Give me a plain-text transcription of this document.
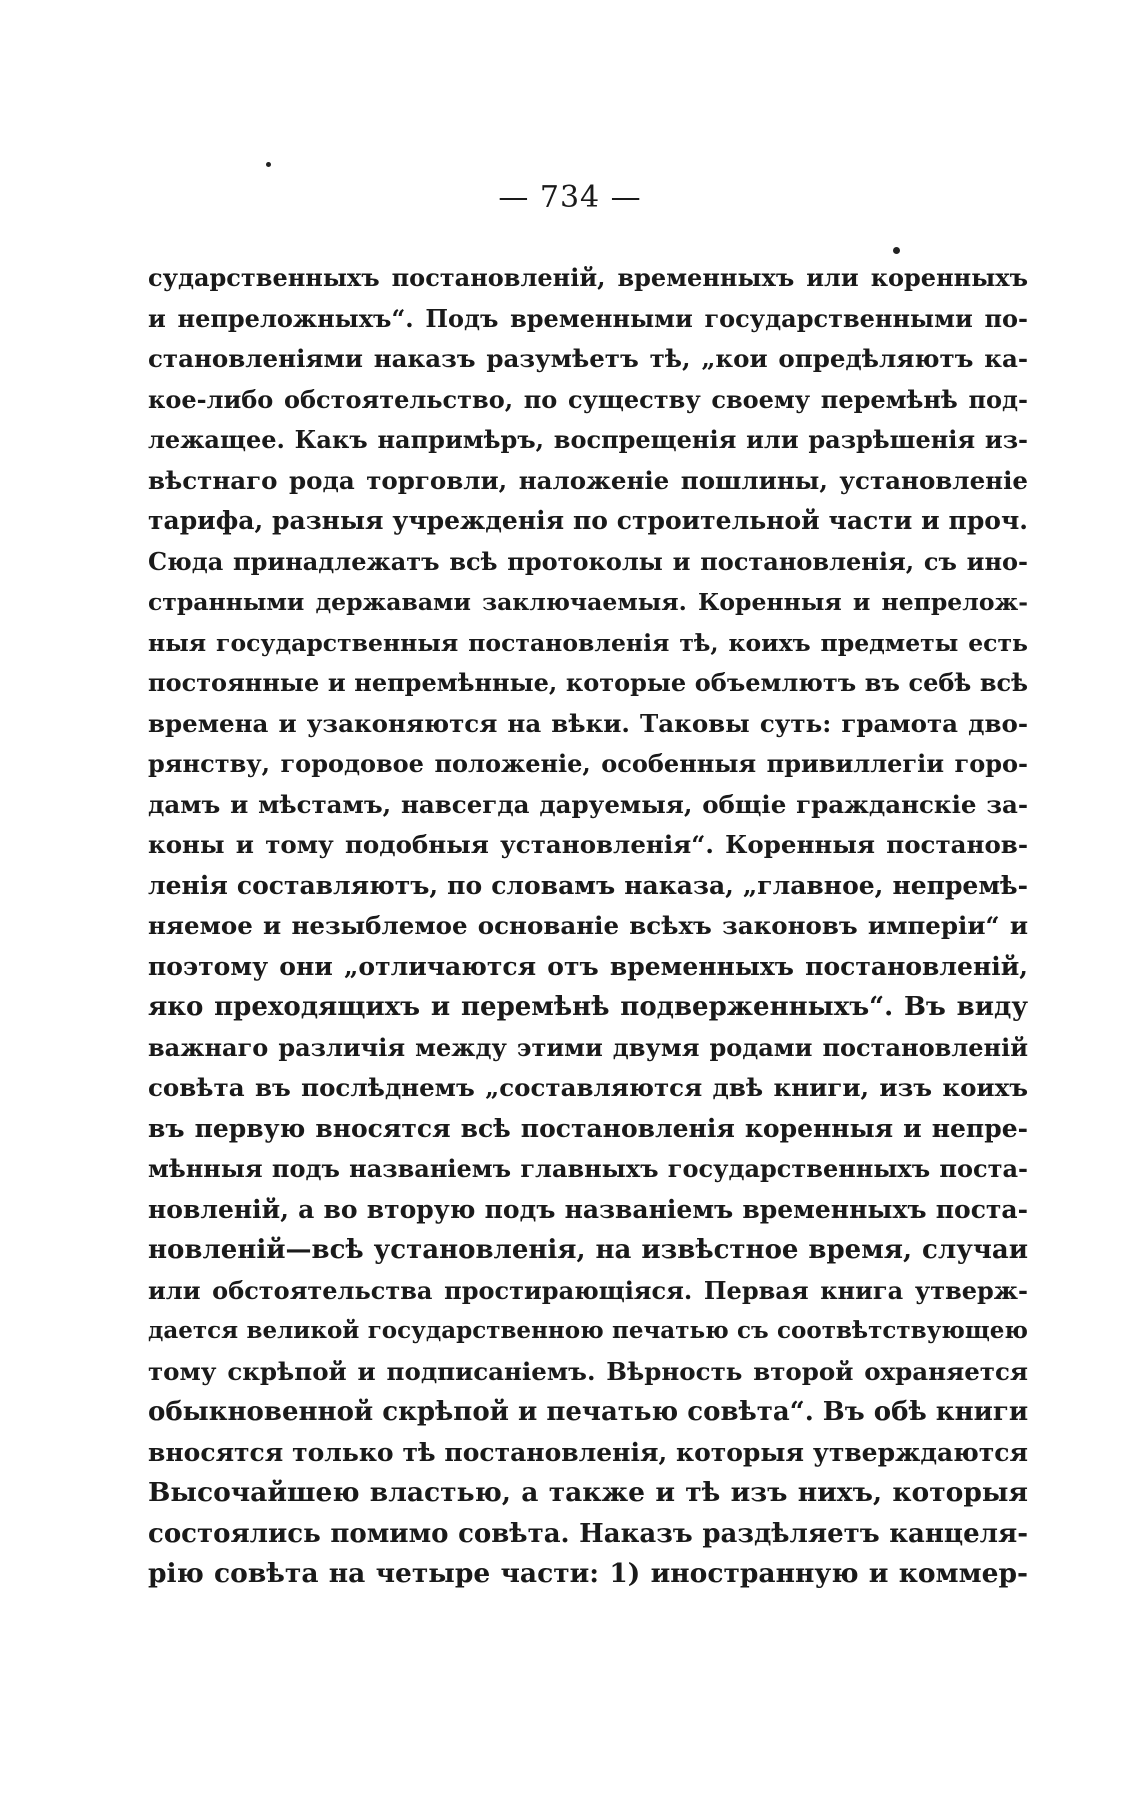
— 734 —
сударственныхъ постановленій, временныхъ или коренныхъ
и непреложныхъ“. Подъ временными государственными по-
становленіями наказъ разумѣетъ тѣ, „кои опредѣляютъ ка-
кое-либо обстоятельство, по существу своему перемѣнѣ под-
лежащее. Какъ напримѣръ, воспрещенія или разрѣшенія из-
вѣстнаго рода торговли, наложеніе пошлины, установленіе
тарифа, разныя учрежденія по строительной части и проч.
Сюда принадлежатъ всѣ протоколы и постановленія, съ ино-
странными державами заключаемыя. Коренныя и непрелож-
ныя государственныя постановленія тѣ, коихъ предметы есть
постоянные и непремѣнные, которые объемлютъ въ себѣ всѣ
времена и узаконяются на вѣки. Таковы суть: грамота дво-
рянству, городовое положеніе, особенныя привиллегіи горо-
дамъ и мѣстамъ, навсегда даруемыя, общіе гражданскіе за-
коны и тому подобныя установленія“. Коренныя постанов-
ленія составляютъ, по словамъ наказа, „главное, непремѣ-
няемое и незыблемое основаніе всѣхъ законовъ имперіи“ и
поэтому они „отличаются отъ временныхъ постановленій,
яко преходящихъ и перемѣнѣ подверженныхъ“. Въ виду
важнаго различія между этими двумя родами постановленій
совѣта въ послѣднемъ „составляются двѣ книги, изъ коихъ
въ первую вносятся всѣ постановленія коренныя и непре-
мѣнныя подъ названіемъ главныхъ государственныхъ поста-
новленій, а во вторую подъ названіемъ временныхъ поста-
новленій—всѣ установленія, на извѣстное время, случаи
или обстоятельства простирающіяся. Первая книга утверж-
дается великой государственною печатью съ соотвѣтствующею
тому скрѣпой и подписаніемъ. Вѣрность второй охраняется
обыкновенной скрѣпой и печатью совѣта“. Въ обѣ книги
вносятся только тѣ постановленія, которыя утверждаются
Высочайшею властью, а также и тѣ изъ нихъ, которыя
состоялись помимо совѣта. Наказъ раздѣляетъ канцеля-
рію совѣта на четыре части: 1) иностранную и коммер-
